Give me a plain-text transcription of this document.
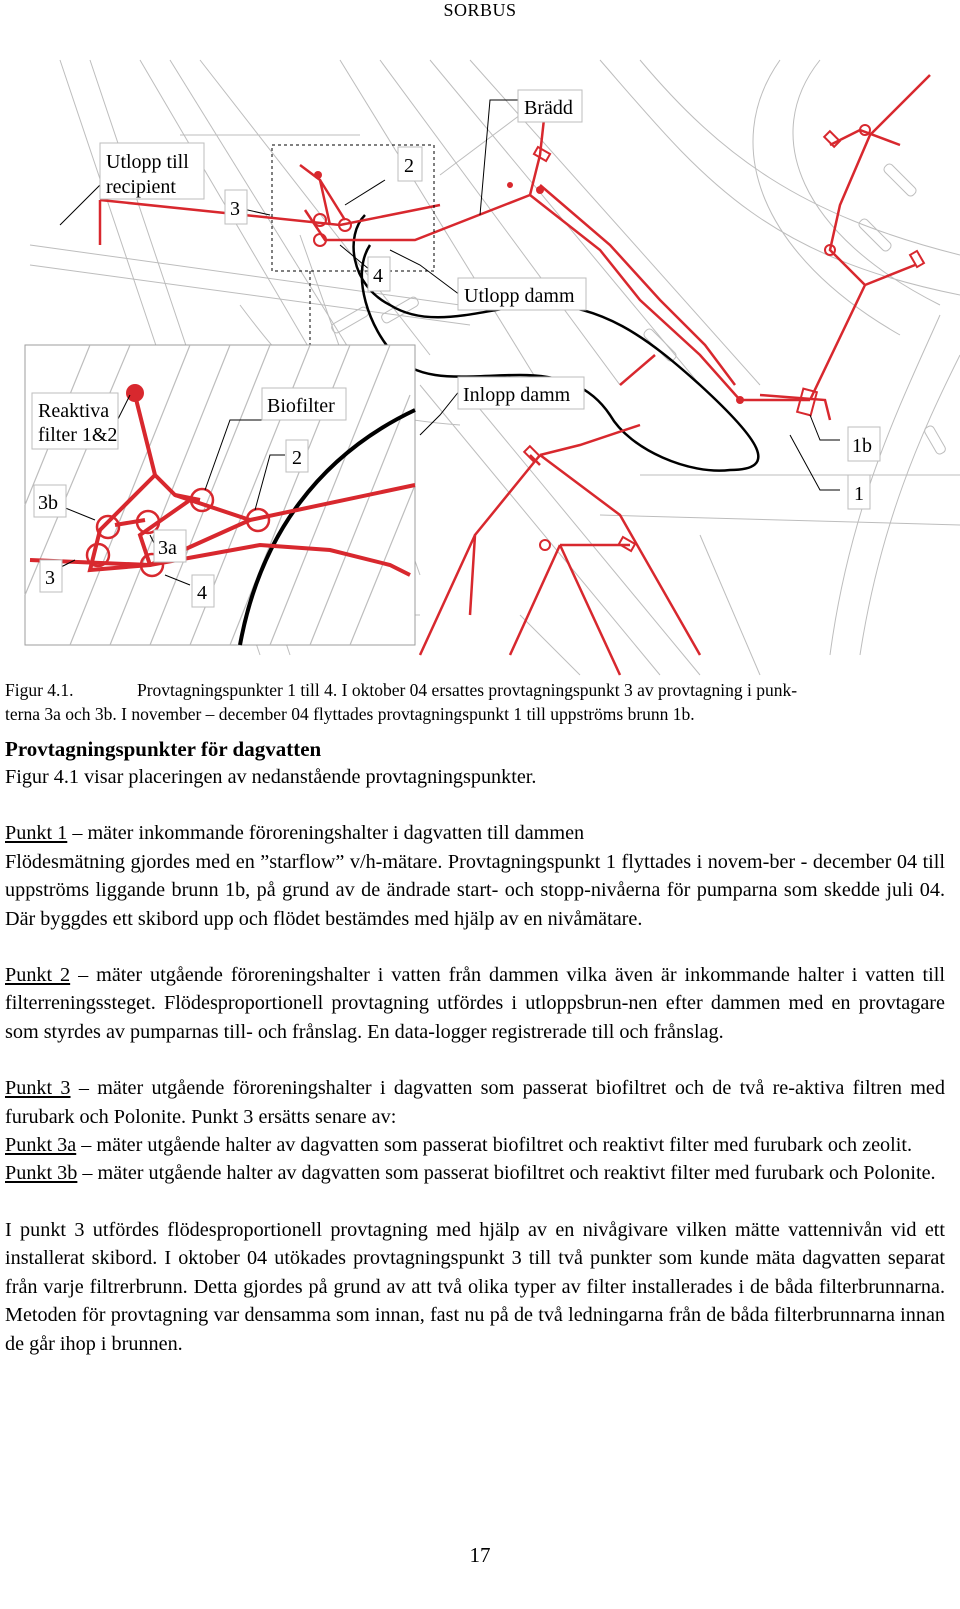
SORBUS
Utlopp till
recipient
Brädd
Utlopp damm
Inlopp damm
3
2
4
1b
1
Reaktiva
filter 1&2
Biofilter
2
3b
3a
3
4
Figur 4.1.	Provtagningspunkter 1 till 4. I oktober 04 ersattes provtagningspunkt 3 av provtagning i punk-
terna 3a och 3b. I november – december 04 flyttades provtagningspunkt 1 till uppströms brunn 1b.
Provtagningspunkter för dagvatten

Figur 4.1 visar placeringen av nedanstående provtagningspunkter.

Punkt 1 – mäter inkommande föroreningshalter i dagvatten till dammen

Flödesmätning gjordes med en ”starflow” v/h-mätare. Provtagningspunkt 1 flyttades i novem-ber - december 04 till uppströms liggande brunn 1b, på grund av de ändrade start- och stopp-nivåerna för pumparna som skedde juli 04. Där byggdes ett skibord upp och flödet bestämdes med hjälp av en nivåmätare.

Punkt 2 – mäter utgående föroreningshalter i vatten från dammen vilka även är inkommande halter i vatten till filterreningssteget. Flödesproportionell provtagning utfördes i utloppsbrun-nen efter dammen med en provtagare som styrdes av pumparnas till- och frånslag. En data-logger registrerade till och frånslag.

Punkt 3 – mäter utgående föroreningshalter i dagvatten som passerat biofiltret och de två re-aktiva filtren med furubark och Polonite. Punkt 3 ersätts senare av:

Punkt 3a – mäter utgående halter av dagvatten som passerat biofiltret och reaktivt filter med furubark och zeolit.

Punkt 3b – mäter utgående halter av dagvatten som passerat biofiltret och reaktivt filter med furubark och Polonite.

I punkt 3 utfördes flödesproportionell provtagning med hjälp av en nivågivare vilken mätte vattennivån vid ett installerat skibord. I oktober 04 utökades provtagningspunkt 3 till två punkter som kunde mäta dagvatten separat från varje filtrerbrunn. Detta gjordes på grund av att två olika typer av filter installerades i de båda filterbrunnarna. Metoden för provtagning var densamma som innan, fast nu på de två ledningarna från de båda filterbrunnarna innan de går ihop i brunnen.

17
